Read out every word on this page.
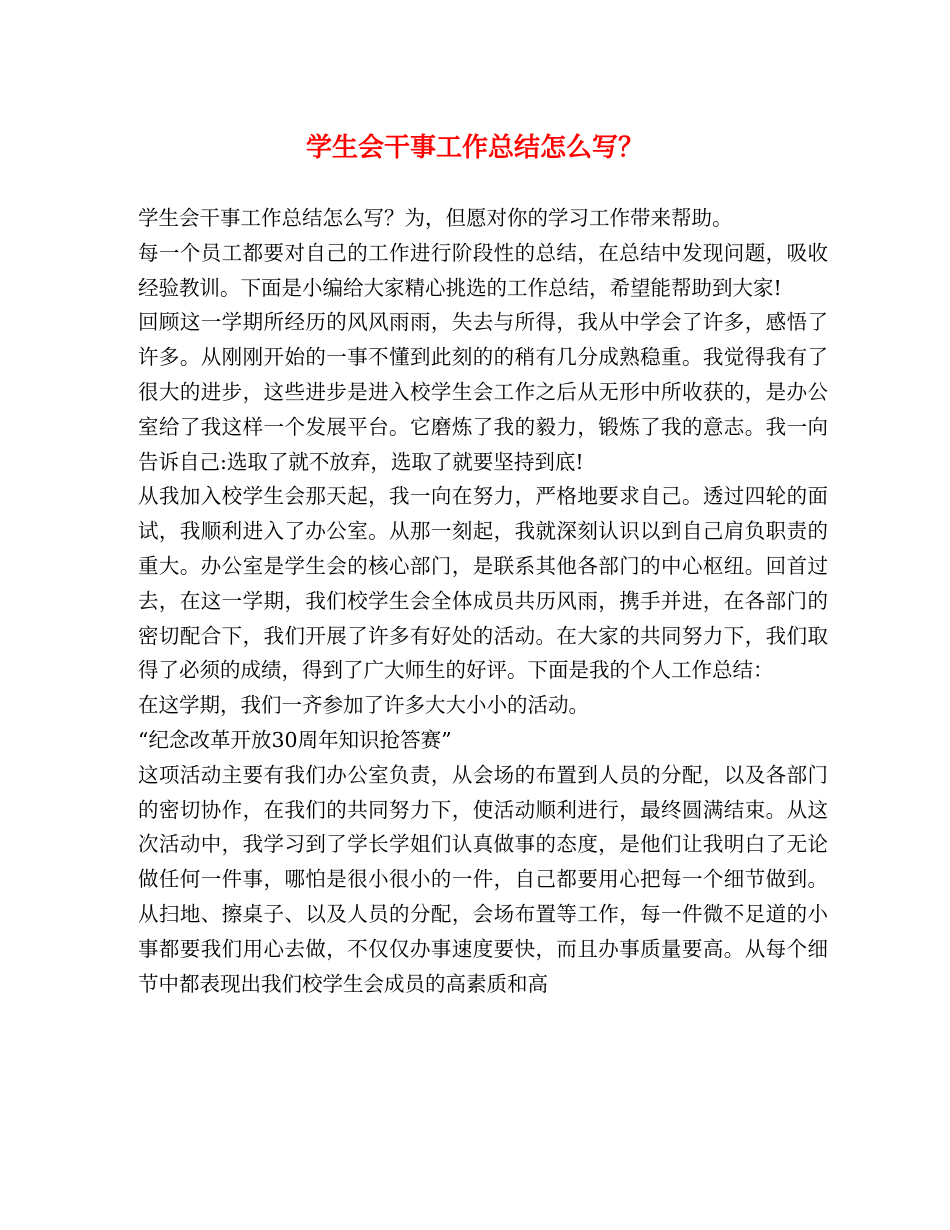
学生会干事工作总结怎么写？

学生会干事工作总结怎么写？为，但愿对你的学习工作带来帮助。

每一个员工都要对自己的工作进行阶段性的总结，在总结中发现问题，吸收经验教训。下面是小编给大家精心挑选的工作总结，希望能帮助到大家!

回顾这一学期所经历的风风雨雨，失去与所得，我从中学会了许多，感悟了许多。从刚刚开始的一事不懂到此刻的的稍有几分成熟稳重。我觉得我有了很大的进步，这些进步是进入校学生会工作之后从无形中所收获的，是办公室给了我这样一个发展平台。它磨炼了我的毅力，锻炼了我的意志。我一向告诉自己:选取了就不放弃，选取了就要坚持到底!

从我加入校学生会那天起，我一向在努力，严格地要求自己。透过四轮的面试，我顺利进入了办公室。从那一刻起，我就深刻认识以到自己肩负职责的重大。办公室是学生会的核心部门，是联系其他各部门的中心枢纽。回首过去，在这一学期，我们校学生会全体成员共历风雨，携手并进，在各部门的密切配合下，我们开展了许多有好处的活动。在大家的共同努力下，我们取得了必须的成绩，得到了广大师生的好评。下面是我的个人工作总结：

在这学期，我们一齐参加了许多大大小小的活动。

“纪念改革开放30周年知识抢答赛”

这项活动主要有我们办公室负责，从会场的布置到人员的分配，以及各部门的密切协作，在我们的共同努力下，使活动顺利进行，最终圆满结束。从这次活动中，我学习到了学长学姐们认真做事的态度，是他们让我明白了无论做任何一件事，哪怕是很小很小的一件，自己都要用心把每一个细节做到。从扫地、擦桌子、以及人员的分配，会场布置等工作，每一件微不足道的小事都要我们用心去做，不仅仅办事速度要快，而且办事质量要高。从每个细节中都表现出我们校学生会成员的高素质和高
